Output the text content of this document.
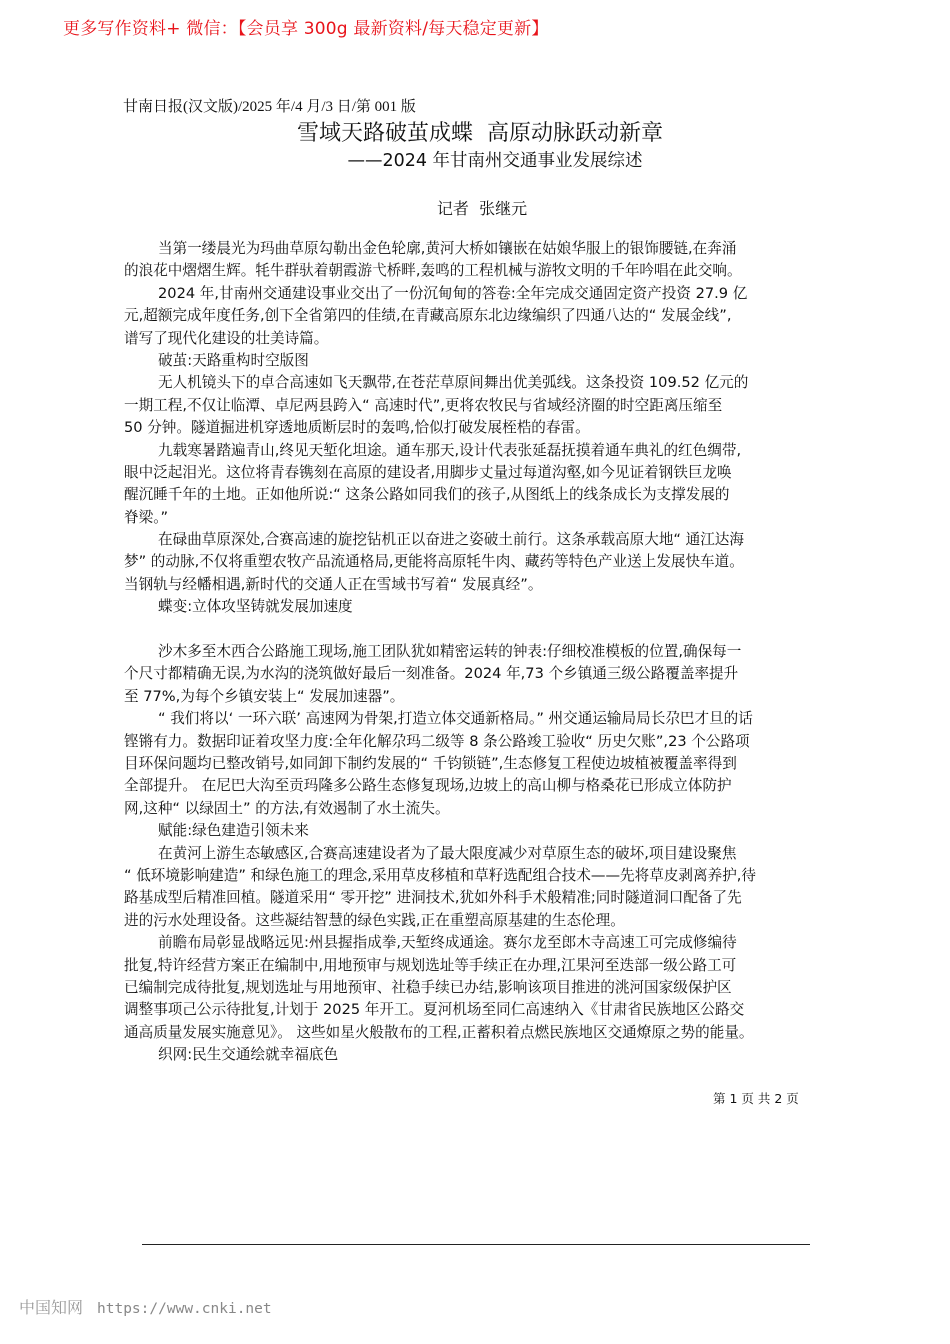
更多写作资料+ 微信：【会员享 300g 最新资料/每天稳定更新】
甘南日报(汉文版)/2025 年/4 月/3 日/第 001 版
雪域天路破茧成蝶  高原动脉跃动新章
——2024 年甘南州交通事业发展综述
记者  张继元
当第一缕晨光为玛曲草原勾勒出金色轮廓,黄河大桥如镶嵌在姑娘华服上的银饰腰链,在奔涌
的浪花中熠熠生辉。牦牛群驮着朝霞游弋桥畔,轰鸣的工程机械与游牧文明的千年吟唱在此交响。
2024 年,甘南州交通建设事业交出了一份沉甸甸的答卷:全年完成交通固定资产投资 27.9 亿
元,超额完成年度任务,创下全省第四的佳绩,在青藏高原东北边缘编织了四通八达的“ 发展金线”,
谱写了现代化建设的壮美诗篇。
破茧:天路重构时空版图
无人机镜头下的卓合高速如飞天飘带,在苍茫草原间舞出优美弧线。这条投资 109.52 亿元的
一期工程,不仅让临潭、卓尼两县跨入“ 高速时代”,更将农牧民与省域经济圈的时空距离压缩至
50 分钟。隧道掘进机穿透地质断层时的轰鸣,恰似打破发展桎梏的春雷。
九载寒暑踏遍青山,终见天堑化坦途。通车那天,设计代表张延磊抚摸着通车典礼的红色绸带,
眼中泛起泪光。这位将青春镌刻在高原的建设者,用脚步丈量过每道沟壑,如今见证着钢铁巨龙唤
醒沉睡千年的土地。正如他所说:“ 这条公路如同我们的孩子,从图纸上的线条成长为支撑发展的
脊梁。”
在碌曲草原深处,合赛高速的旋挖钻机正以奋进之姿破土前行。这条承载高原大地“ 通江达海
梦” 的动脉,不仅将重塑农牧产品流通格局,更能将高原牦牛肉、藏药等特色产业送上发展快车道。
当钢轨与经幡相遇,新时代的交通人正在雪域书写着“ 发展真经”。
蝶变:立体攻坚铸就发展加速度
沙木多至木西合公路施工现场,施工团队犹如精密运转的钟表:仔细校准模板的位置,确保每一
个尺寸都精确无误,为水沟的浇筑做好最后一刻准备。2024 年,73 个乡镇通三级公路覆盖率提升
至 77%,为每个乡镇安装上“ 发展加速器”。
“ 我们将以‘ 一环六联’ 高速网为骨架,打造立体交通新格局。” 州交通运输局局长尕巴才旦的话
铿锵有力。数据印证着攻坚力度:全年化解尕玛二级等 8 条公路竣工验收“ 历史欠账”,23 个公路项
目环保问题均已整改销号,如同卸下制约发展的“ 千钧锁链”,生态修复工程使边坡植被覆盖率得到
全部提升。 在尼巴大沟至贡玛隆多公路生态修复现场,边坡上的高山柳与格桑花已形成立体防护
网,这种“ 以绿固土” 的方法,有效遏制了水土流失。
赋能:绿色建造引领未来
在黄河上游生态敏感区,合赛高速建设者为了最大限度减少对草原生态的破坏,项目建设聚焦
“ 低环境影响建造” 和绿色施工的理念,采用草皮移植和草籽选配组合技术——先将草皮剥离养护,待
路基成型后精准回植。隧道采用“ 零开挖” 进洞技术,犹如外科手术般精准;同时隧道洞口配备了先
进的污水处理设备。这些凝结智慧的绿色实践,正在重塑高原基建的生态伦理。
前瞻布局彰显战略远见:州县握指成拳,天堑终成通途。赛尔龙至郎木寺高速工可完成修编待
批复,特许经营方案正在编制中,用地预审与规划选址等手续正在办理,江果河至迭部一级公路工可
已编制完成待批复,规划选址与用地预审、社稳手续已办结,影响该项目推进的洮河国家级保护区
调整事项己公示待批复,计划于 2025 年开工。夏河机场至同仁高速纳入《甘肃省民族地区公路交
通高质量发展实施意见》。 这些如星火般散布的工程,正蓄积着点燃民族地区交通燎原之势的能量。
织网:民生交通绘就幸福底色
第 1 页 共 2 页
中国知网 https://www.cnki.net
